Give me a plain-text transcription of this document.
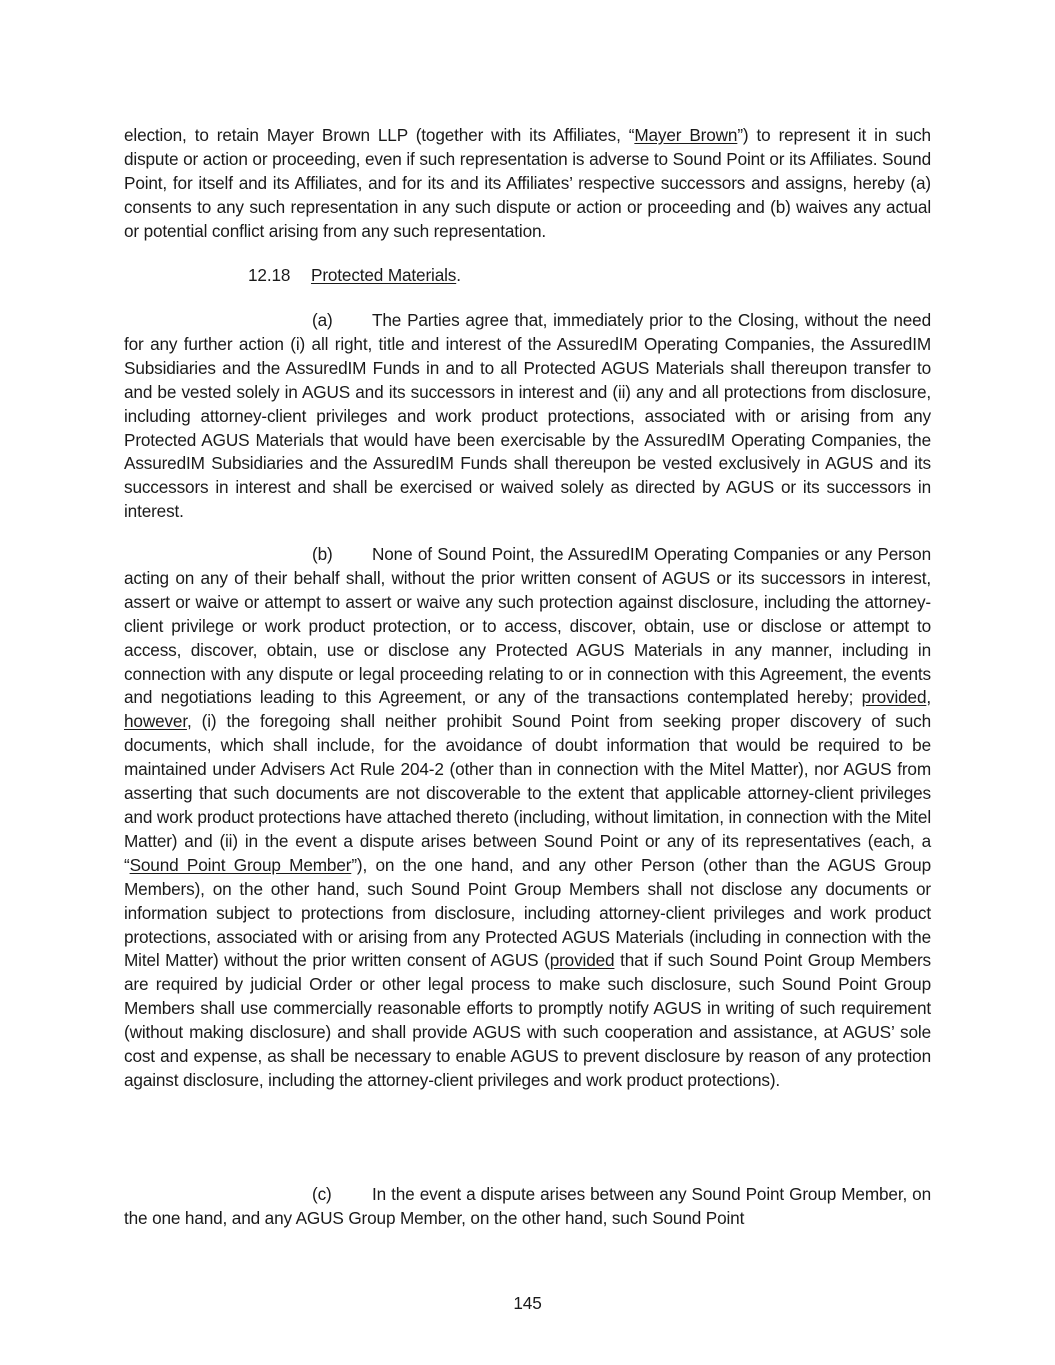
election, to retain Mayer Brown LLP (together with its Affiliates, “Mayer Brown”) to represent it in such dispute or action or proceeding, even if such representation is adverse to Sound Point or its Affiliates. Sound Point, for itself and its Affiliates, and for its and its Affiliates’ respective successors and assigns, hereby (a) consents to any such representation in any such dispute or action or proceeding and (b) waives any actual or potential conflict arising from any such representation.

12.18 Protected Materials.

(a) The Parties agree that, immediately prior to the Closing, without the need for any further action (i) all right, title and interest of the AssuredIM Operating Companies, the AssuredIM Subsidiaries and the AssuredIM Funds in and to all Protected AGUS Materials shall thereupon transfer to and be vested solely in AGUS and its successors in interest and (ii) any and all protections from disclosure, including attorney-client privileges and work product protections, associated with or arising from any Protected AGUS Materials that would have been exercisable by the AssuredIM Operating Companies, the AssuredIM Subsidiaries and the AssuredIM Funds shall thereupon be vested exclusively in AGUS and its successors in interest and shall be exercised or waived solely as directed by AGUS or its successors in interest.

(b) None of Sound Point, the AssuredIM Operating Companies or any Person acting on any of their behalf shall, without the prior written consent of AGUS or its successors in interest, assert or waive or attempt to assert or waive any such protection against disclosure, including the attorney-client privilege or work product protection, or to access, discover, obtain, use or disclose or attempt to access, discover, obtain, use or disclose any Protected AGUS Materials in any manner, including in connection with any dispute or legal proceeding relating to or in connection with this Agreement, the events and negotiations leading to this Agreement, or any of the transactions contemplated hereby; provided, however, (i) the foregoing shall neither prohibit Sound Point from seeking proper discovery of such documents, which shall include, for the avoidance of doubt information that would be required to be maintained under Advisers Act Rule 204-2 (other than in connection with the Mitel Matter), nor AGUS from asserting that such documents are not discoverable to the extent that applicable attorney-client privileges and work product protections have attached thereto (including, without limitation, in connection with the Mitel Matter) and (ii) in the event a dispute arises between Sound Point or any of its representatives (each, a “Sound Point Group Member”), on the one hand, and any other Person (other than the AGUS Group Members), on the other hand, such Sound Point Group Members shall not disclose any documents or information subject to protections from disclosure, including attorney-client privileges and work product protections, associated with or arising from any Protected AGUS Materials (including in connection with the Mitel Matter) without the prior written consent of AGUS (provided that if such Sound Point Group Members are required by judicial Order or other legal process to make such disclosure, such Sound Point Group Members shall use commercially reasonable efforts to promptly notify AGUS in writing of such requirement (without making disclosure) and shall provide AGUS with such cooperation and assistance, at AGUS’ sole cost and expense, as shall be necessary to enable AGUS to prevent disclosure by reason of any protection against disclosure, including the attorney-client privileges and work product protections).

(c) In the event a dispute arises between any Sound Point Group Member, on the one hand, and any AGUS Group Member, on the other hand, such Sound Point

145
